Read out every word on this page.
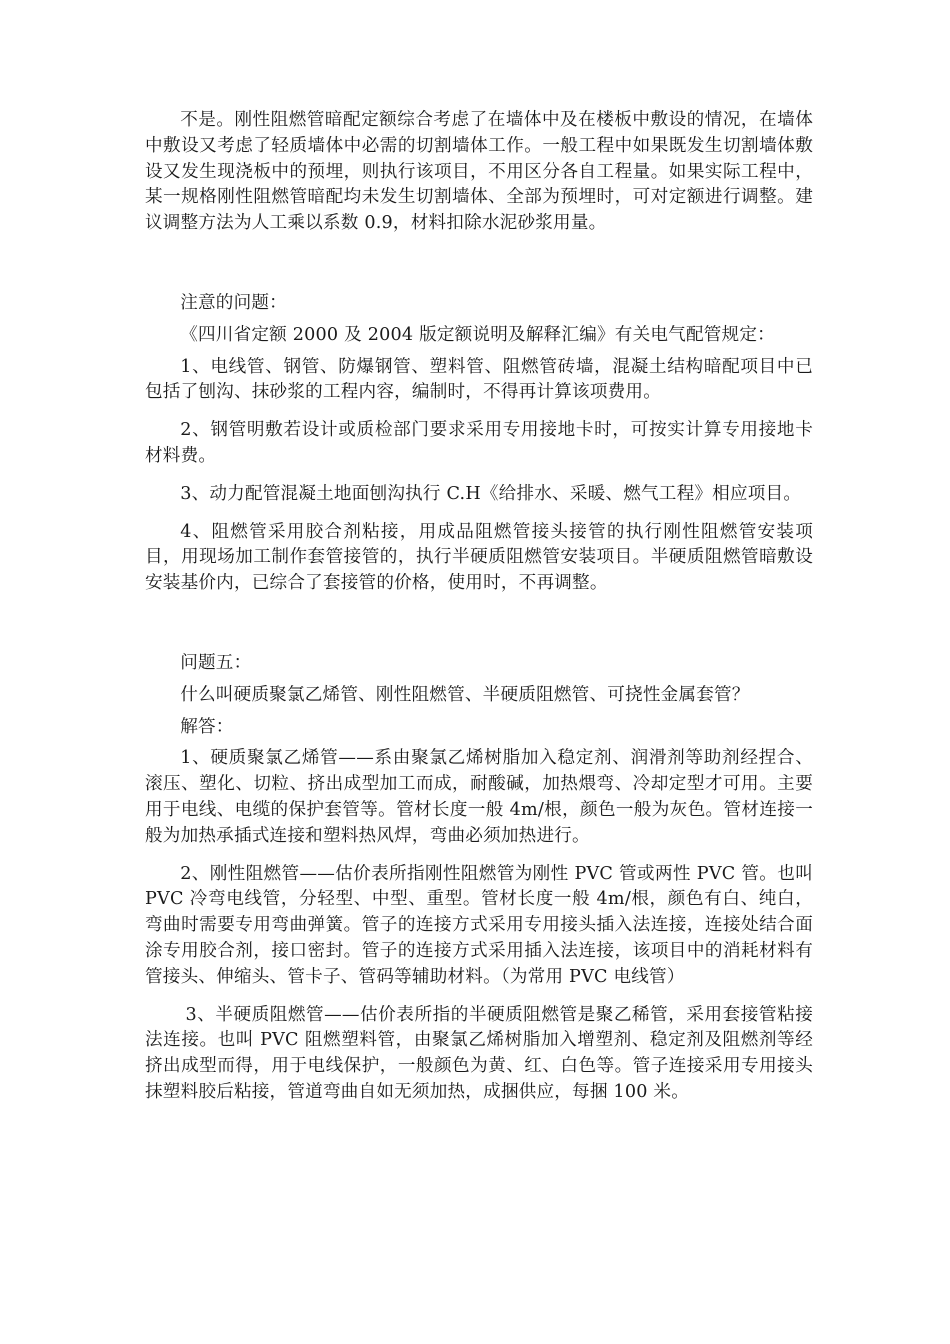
不是。刚性阻燃管暗配定额综合考虑了在墙体中及在楼板中敷设的情况，在墙体中敷设又考虑了轻质墙体中必需的切割墙体工作。一般工程中如果既发生切割墙体敷设又发生现浇板中的预埋，则执行该项目，不用区分各自工程量。如果实际工程中，某一规格刚性阻燃管暗配均未发生切割墙体、全部为预埋时，可对定额进行调整。建议调整方法为人工乘以系数 0.9，材料扣除水泥砂浆用量。

注意的问题：

《四川省定额 2000 及 2004 版定额说明及解释汇编》有关电气配管规定：

1、电线管、钢管、防爆钢管、塑料管、阻燃管砖墙，混凝土结构暗配项目中已包括了刨沟、抹砂浆的工程内容，编制时，不得再计算该项费用。

2、钢管明敷若设计或质检部门要求采用专用接地卡时，可按实计算专用接地卡材料费。

3、动力配管混凝土地面刨沟执行 C.H《给排水、采暖、燃气工程》相应项目。

4、阻燃管采用胶合剂粘接，用成品阻燃管接头接管的执行刚性阻燃管安装项目，用现场加工制作套管接管的，执行半硬质阻燃管安装项目。半硬质阻燃管暗敷设安装基价内，已综合了套接管的价格，使用时，不再调整。

问题五：

什么叫硬质聚氯乙烯管、刚性阻燃管、半硬质阻燃管、可挠性金属套管？

解答：

1、硬质聚氯乙烯管——系由聚氯乙烯树脂加入稳定剂、润滑剂等助剂经捏合、滚压、塑化、切粒、挤出成型加工而成，耐酸碱，加热煨弯、冷却定型才可用。主要用于电线、电缆的保护套管等。管材长度一般 4m/根，颜色一般为灰色。管材连接一般为加热承插式连接和塑料热风焊，弯曲必须加热进行。

2、刚性阻燃管——估价表所指刚性阻燃管为刚性 PVC 管或两性 PVC 管。也叫 PVC 冷弯电线管，分轻型、中型、重型。管材长度一般 4m/根，颜色有白、纯白，弯曲时需要专用弯曲弹簧。管子的连接方式采用专用接头插入法连接，连接处结合面涂专用胶合剂，接口密封。管子的连接方式采用插入法连接，该项目中的消耗材料有管接头、伸缩头、管卡子、管码等辅助材料。（为常用 PVC 电线管）

3、半硬质阻燃管——估价表所指的半硬质阻燃管是聚乙稀管，采用套接管粘接法连接。也叫 PVC 阻燃塑料管，由聚氯乙烯树脂加入增塑剂、稳定剂及阻燃剂等经挤出成型而得，用于电线保护，一般颜色为黄、红、白色等。管子连接采用专用接头抹塑料胶后粘接，管道弯曲自如无须加热，成捆供应，每捆 100 米。
